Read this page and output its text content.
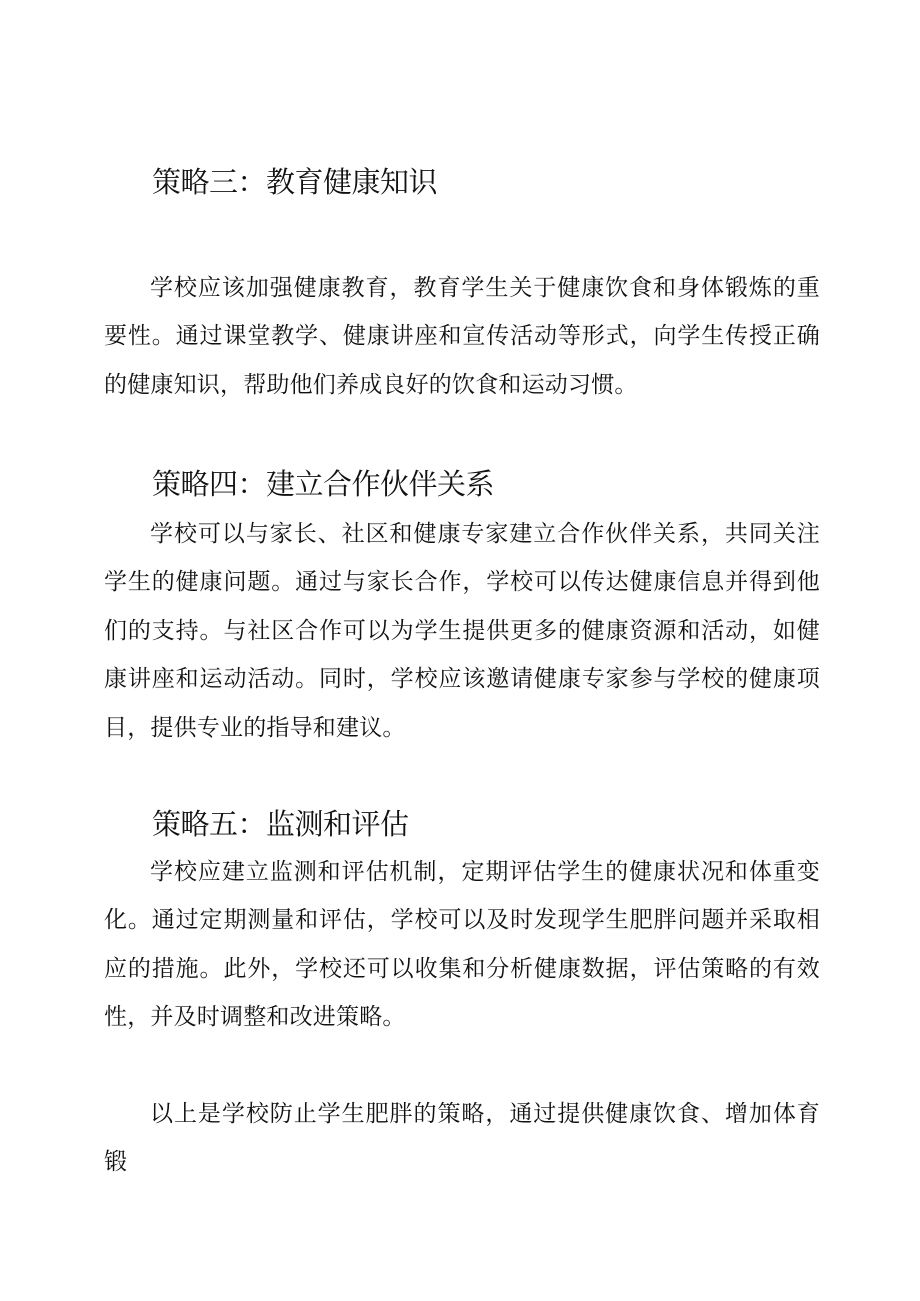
策略三：教育健康知识

学校应该加强健康教育，教育学生关于健康饮食和身体锻炼的重要性。通过课堂教学、健康讲座和宣传活动等形式，向学生传授正确的健康知识，帮助他们养成良好的饮食和运动习惯。

策略四：建立合作伙伴关系

学校可以与家长、社区和健康专家建立合作伙伴关系，共同关注学生的健康问题。通过与家长合作，学校可以传达健康信息并得到他们的支持。与社区合作可以为学生提供更多的健康资源和活动，如健康讲座和运动活动。同时，学校应该邀请健康专家参与学校的健康项目，提供专业的指导和建议。

策略五：监测和评估

学校应建立监测和评估机制，定期评估学生的健康状况和体重变化。通过定期测量和评估，学校可以及时发现学生肥胖问题并采取相应的措施。此外，学校还可以收集和分析健康数据，评估策略的有效性，并及时调整和改进策略。

以上是学校防止学生肥胖的策略，通过提供健康饮食、增加体育锻
